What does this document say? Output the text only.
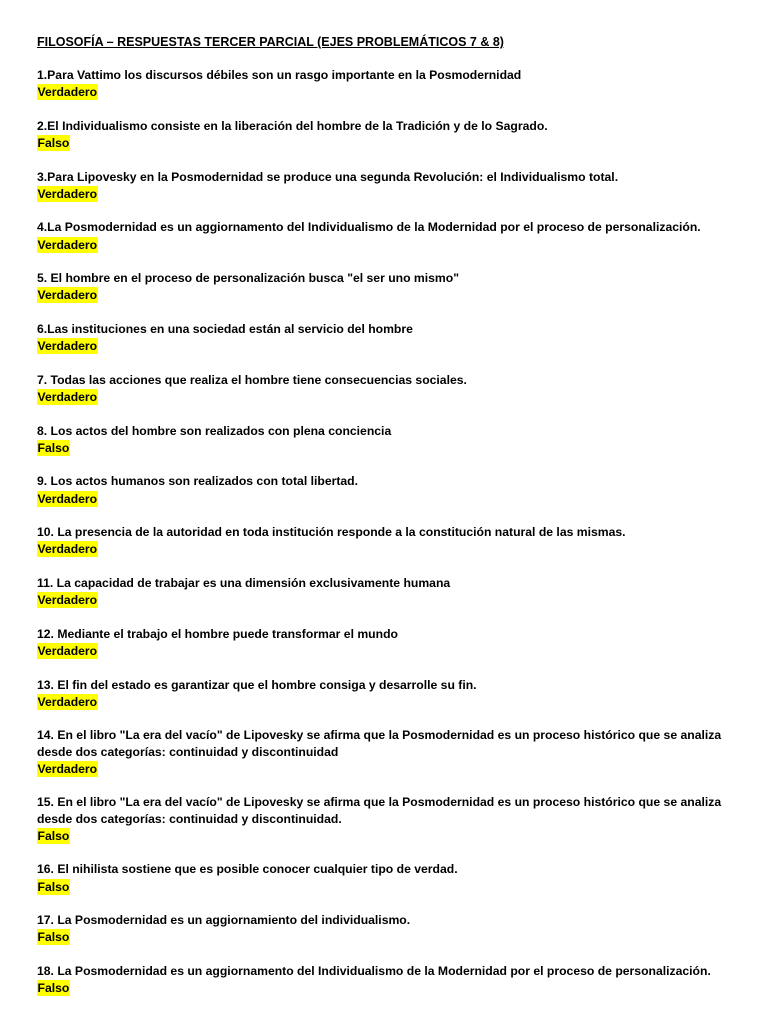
FILOSOFÍA – RESPUESTAS TERCER PARCIAL (EJES PROBLEMÁTICOS 7 & 8)

1.Para Vattimo los discursos débiles son un rasgo importante en la Posmodernidad

Verdadero

2.El Individualismo consiste en la liberación del hombre de la Tradición y de lo Sagrado.

Falso

3.Para Lipovesky en la Posmodernidad se produce una segunda Revolución: el Individualismo total.

Verdadero

4.La Posmodernidad es un aggiornamento del Individualismo de la Modernidad por el proceso de personalización.

Verdadero

5. El hombre en el proceso de personalización busca "el ser uno mismo"

Verdadero

6.Las instituciones en una sociedad están al servicio del hombre

Verdadero

7. Todas las acciones que realiza el hombre tiene consecuencias sociales.

Verdadero

8. Los actos del hombre son realizados con plena conciencia

Falso

9. Los actos humanos son realizados con total libertad.

Verdadero

10. La presencia de la autoridad en toda institución responde a la constitución natural de las mismas.

Verdadero

11. La capacidad de trabajar es una dimensión exclusivamente humana

Verdadero

12. Mediante el trabajo el hombre puede transformar el mundo

Verdadero

13. El fin del estado es garantizar que el hombre consiga y desarrolle su fin.

Verdadero

14. En el libro "La era del vacío" de Lipovesky se afirma que la Posmodernidad es un proceso histórico que se analiza desde dos categorías: continuidad y discontinuidad

Verdadero

15. En el libro "La era del vacío" de Lipovesky se afirma que la Posmodernidad es un proceso histórico que se analiza desde dos categorías: continuidad y discontinuidad.

Falso

16. El nihilista sostiene que es posible conocer cualquier tipo de verdad.

Falso

17. La Posmodernidad es un aggiornamiento del individualismo.

Falso

18. La Posmodernidad es un aggiornamento del Individualismo de la Modernidad por el proceso de personalización.

Falso
